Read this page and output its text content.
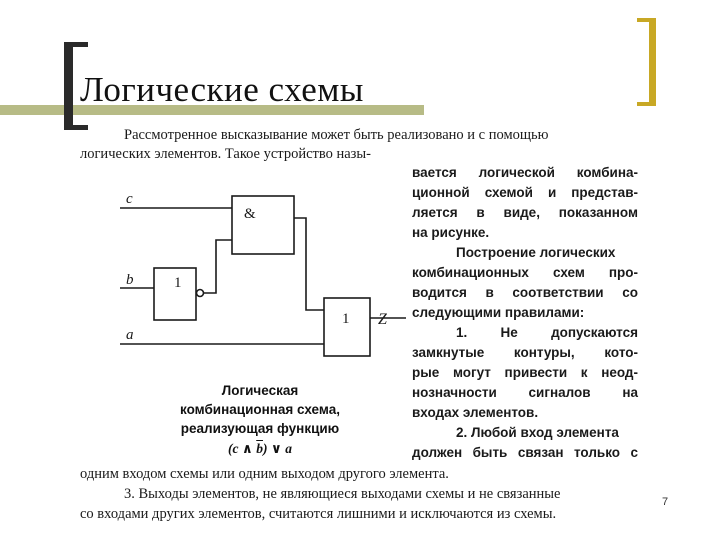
Логические схемы
Рассмотренное высказывание может быть реализовано и с помощью
логических элементов. Такое устройство назы-
вается логической комбина-
ционной схемой и представ-
ляется в виде, показанном
на рисунке.
Построение логических
комбинационных схем про-
водится в соответствии со
следующими правилами:
1. Не допускаются
замкнутые контуры, кото-
рые могут привести к неод-
нозначности сигналов на
входах элементов.
2. Любой вход элемента
должен быть связан только с
одним входом схемы или одним выходом другого элемента.
3. Выходы элементов, не являющиеся выходами схемы и не связанные
со входами других элементов, считаются лишними и исключаются из схемы.
c
b
a
Z
&
1
1
Логическая
комбинационная схема,
реализующая функцию
(c ∧ $\overline{b}$) ∨ a
7
